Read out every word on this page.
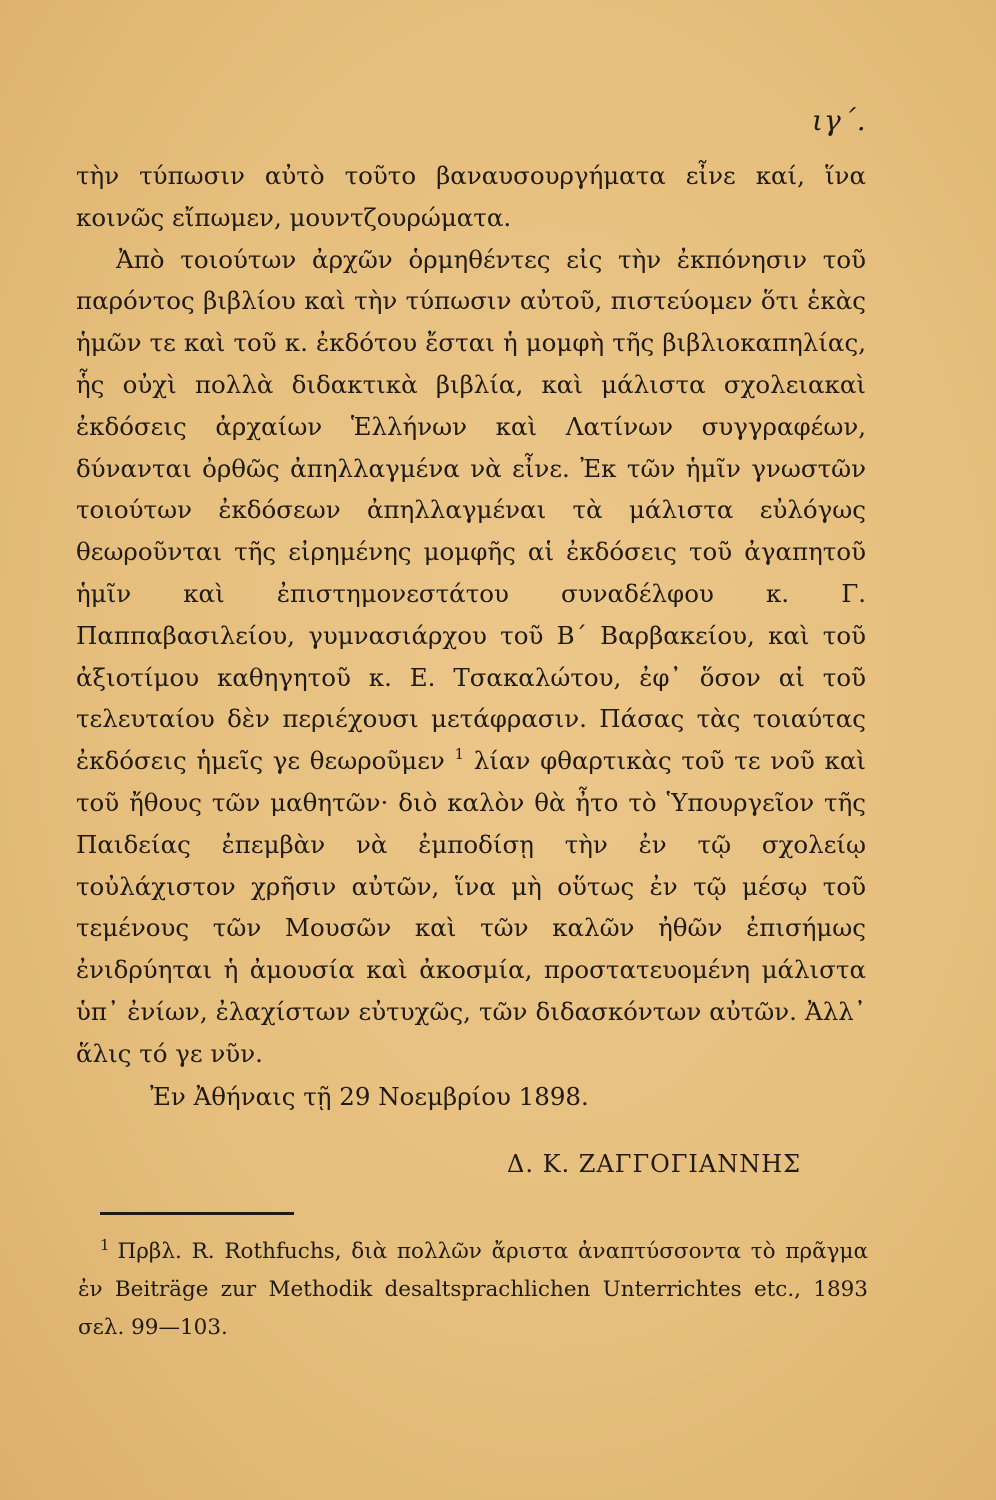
ιγ΄.

τὴν τύπωσιν αὐτὸ τοῦτο βαναυσουργήματα εἶνε καί, ἵνα κοινῶς εἴπωμεν, μουντζουρώματα.

Ἀπὸ τοιούτων ἀρχῶν ὁρμηθέντες εἰς τὴν ἐκπόνησιν τοῦ παρόντος βιβλίου καὶ τὴν τύπωσιν αὐτοῦ, πιστεύομεν ὅτι ἑκὰς ἡμῶν τε καὶ τοῦ κ. ἐκδότου ἔσται ἡ μομφὴ τῆς βιβλιοκαπηλίας, ἧς οὐχὶ πολλὰ διδακτικὰ βιβλία, καὶ μάλιστα σχολειακαὶ ἐκδόσεις ἀρχαίων Ἑλλήνων καὶ Λατίνων συγγραφέων, δύνανται ὀρθῶς ἀπηλλαγμένα νὰ εἶνε. Ἐκ τῶν ἡμῖν γνωστῶν τοιούτων ἐκδόσεων ἀπηλλαγμέναι τὰ μάλιστα εὐλόγως θεωροῦνται τῆς εἰρημένης μομφῆς αἱ ἐκδόσεις τοῦ ἀγαπητοῦ ἡμῖν καὶ ἐπιστημονεστάτου συναδέλφου κ. Γ. Παππαβασιλείου, γυμνασιάρχου τοῦ Β΄ Βαρβακείου, καὶ τοῦ ἀξιοτίμου καθηγητοῦ κ. Ε. Τσακαλώτου, ἐφ᾽ ὅσον αἱ τοῦ τελευταίου δὲν περιέχουσι μετάφρασιν. Πάσας τὰς τοιαύτας ἐκδόσεις ἡμεῖς γε θεωροῦμεν $^1$ λίαν φθαρτικὰς τοῦ τε νοῦ καὶ τοῦ ἤθους τῶν μαθητῶν· διὸ καλὸν θὰ ἦτο τὸ Ὑπουργεῖον τῆς Παιδείας ἐπεμβὰν νὰ ἐμποδίσῃ τὴν ἐν τῷ σχολείῳ τοὐλάχιστον χρῆσιν αὐτῶν, ἵνα μὴ οὕτως ἐν τῷ μέσῳ τοῦ τεμένους τῶν Μουσῶν καὶ τῶν καλῶν ἠθῶν ἐπισήμως ἐνιδρύηται ἡ ἀμουσία καὶ ἀκοσμία, προστατευομένη μάλιστα ὑπ᾽ ἐνίων, ἐλαχίστων εὐτυχῶς, τῶν διδασκόντων αὐτῶν. Ἀλλ᾽ ἅλις τό γε νῦν.

Ἐν Ἀθήναις τῇ 29 Νοεμβρίου 1898.
Δ. Κ. ΖΑΓΓΟΓΙΑΝΝΗΣ
$^1$ Πρβλ. R. Rothfuchs, διὰ πολλῶν ἄριστα ἀναπτύσσοντα τὸ πρᾶγμα ἐν Beiträge zur Methodik desaltsprachlichen Unterrichtes etc., 1893 σελ. 99—103.
